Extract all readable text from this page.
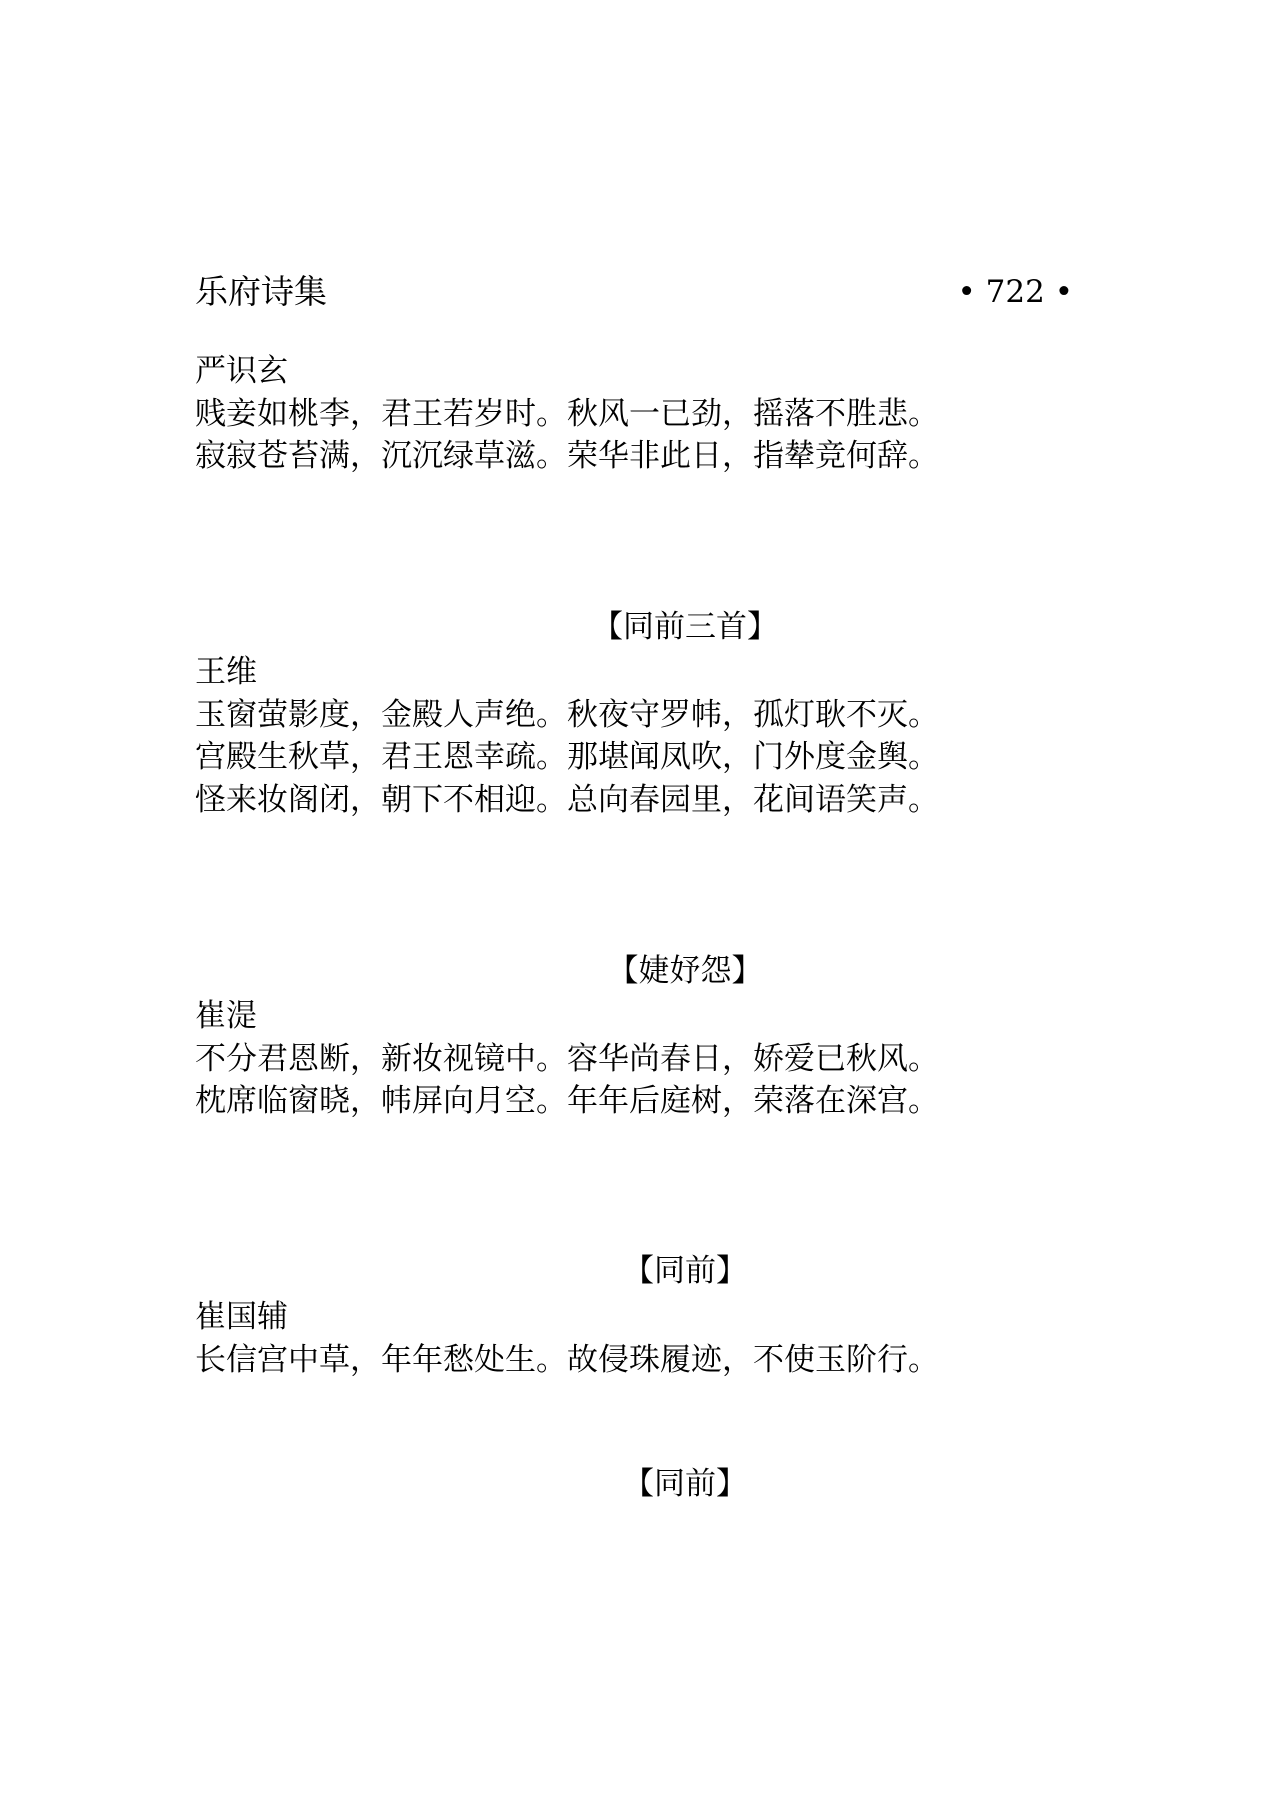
乐府诗集	• 722 •
严识玄
贱妾如桃李，君王若岁时。秋风一已劲，摇落不胜悲。
寂寂苍苔满，沉沉绿草滋。荣华非此日，指辇竞何辞。
【同前三首】
王维
玉窗萤影度，金殿人声绝。秋夜守罗帏，孤灯耿不灭。
宫殿生秋草，君王恩幸疏。那堪闻凤吹，门外度金舆。
怪来妆阁闭，朝下不相迎。总向春园里，花间语笑声。
【婕妤怨】
崔湜
不分君恩断，新妆视镜中。容华尚春日，娇爱已秋风。
枕席临窗晓，帏屏向月空。年年后庭树，荣落在深宫。
【同前】
崔国辅
长信宫中草，年年愁处生。故侵珠履迹，不使玉阶行。
【同前】
